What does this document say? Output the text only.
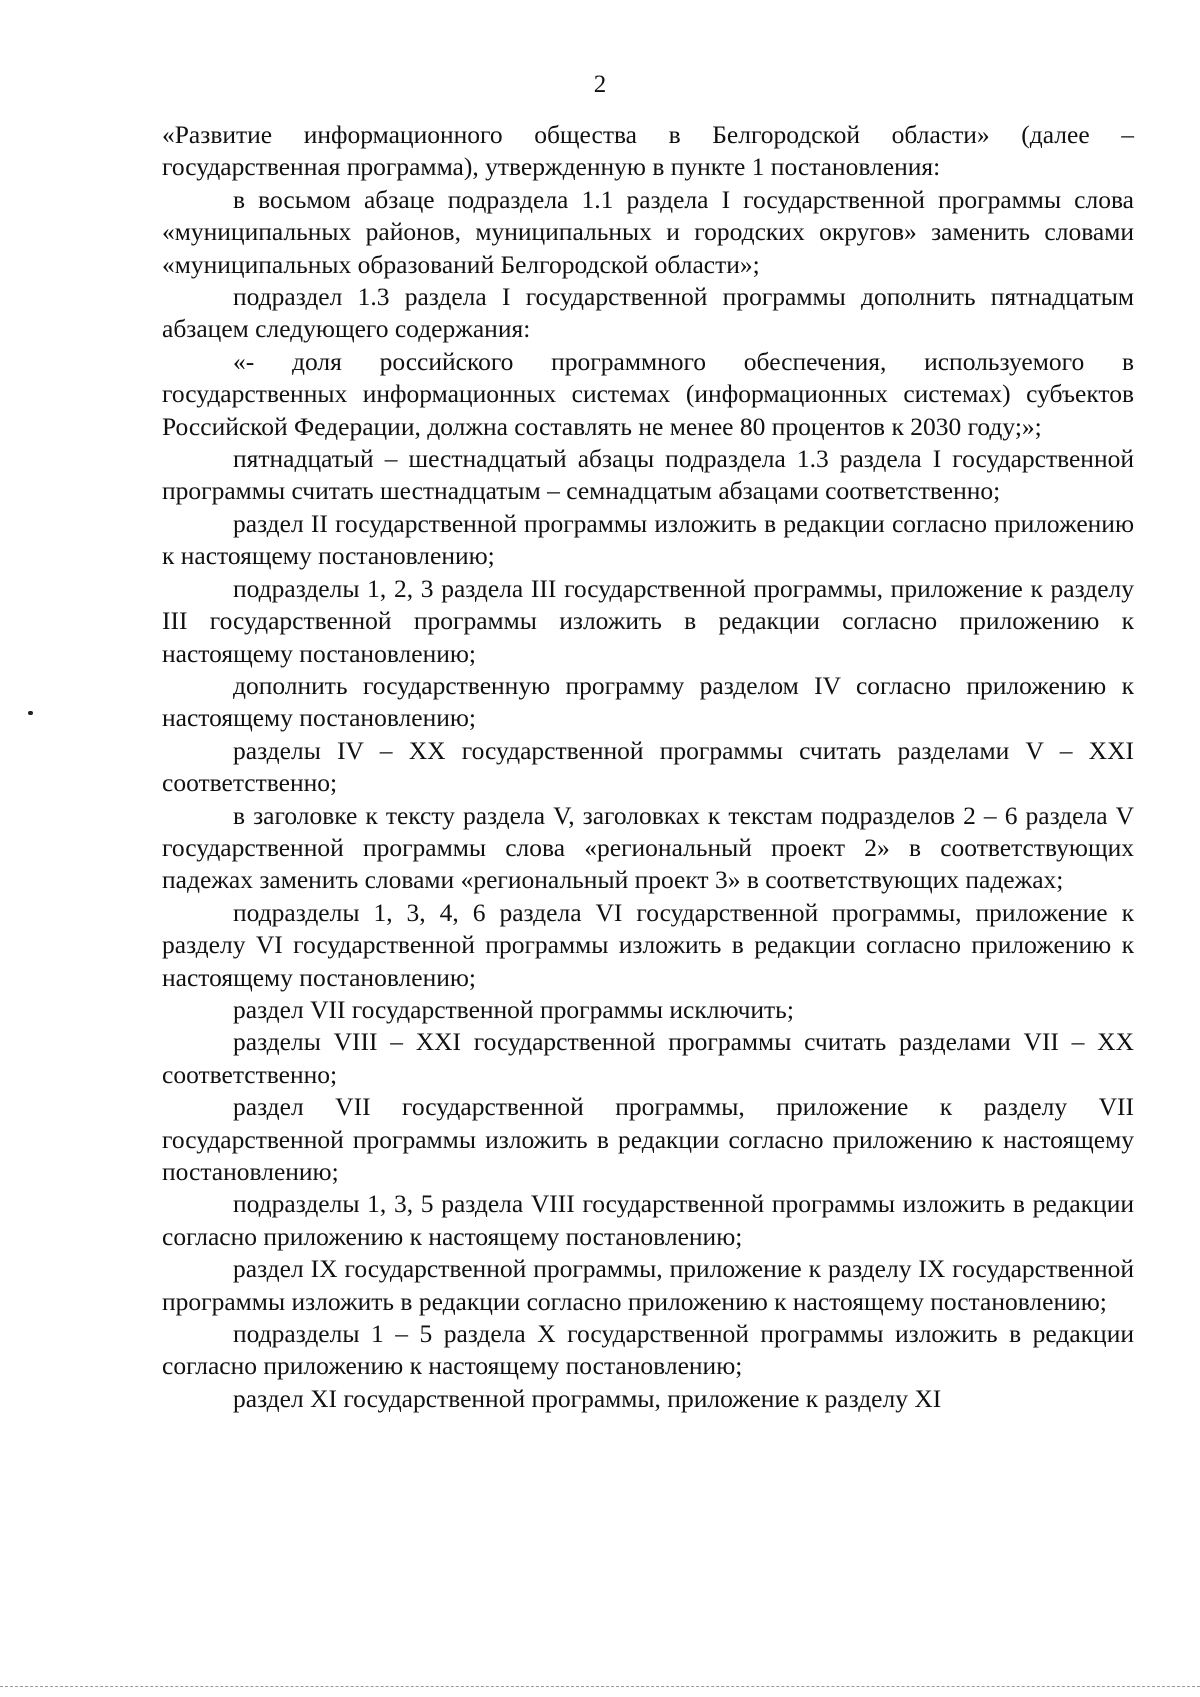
2

«Развитие информационного общества в Белгородской области» (далее – государственная программа), утвержденную в пункте 1 постановления:

в восьмом абзаце подраздела 1.1 раздела I государственной программы слова «муниципальных районов, муниципальных и городских округов» заменить словами «муниципальных образований Белгородской области»;

подраздел 1.3 раздела I государственной программы дополнить пятнадцатым абзацем следующего содержания:

«- доля российского программного обеспечения, используемого в государственных информационных системах (информационных системах) субъектов Российской Федерации, должна составлять не менее 80 процентов к 2030 году;»;

пятнадцатый – шестнадцатый абзацы подраздела 1.3 раздела I государственной программы считать шестнадцатым – семнадцатым абзацами соответственно;

раздел II государственной программы изложить в редакции согласно приложению к настоящему постановлению;

подразделы 1, 2, 3 раздела III государственной программы, приложение к разделу III государственной программы изложить в редакции согласно приложению к настоящему постановлению;

дополнить государственную программу разделом IV согласно приложению к настоящему постановлению;

разделы IV – XX государственной программы считать разделами V – XXI соответственно;

в заголовке к тексту раздела V, заголовках к текстам подразделов 2 – 6 раздела V государственной программы слова «региональный проект 2» в соответствующих падежах заменить словами «региональный проект 3» в соответствующих падежах;

подразделы 1, 3, 4, 6 раздела VI государственной программы, приложение к разделу VI государственной программы изложить в редакции согласно приложению к настоящему постановлению;

раздел VII государственной программы исключить;

разделы VIII – XXI государственной программы считать разделами VII – XX соответственно;

раздел VII государственной программы, приложение к разделу VII государственной программы изложить в редакции согласно приложению к настоящему постановлению;

подразделы 1, 3, 5 раздела VIII государственной программы изложить в редакции согласно приложению к настоящему постановлению;

раздел IX государственной программы, приложение к разделу IX государственной программы изложить в редакции согласно приложению к настоящему постановлению;

подразделы 1 – 5 раздела X государственной программы изложить в редакции согласно приложению к настоящему постановлению;

раздел XI государственной программы, приложение к разделу XI
